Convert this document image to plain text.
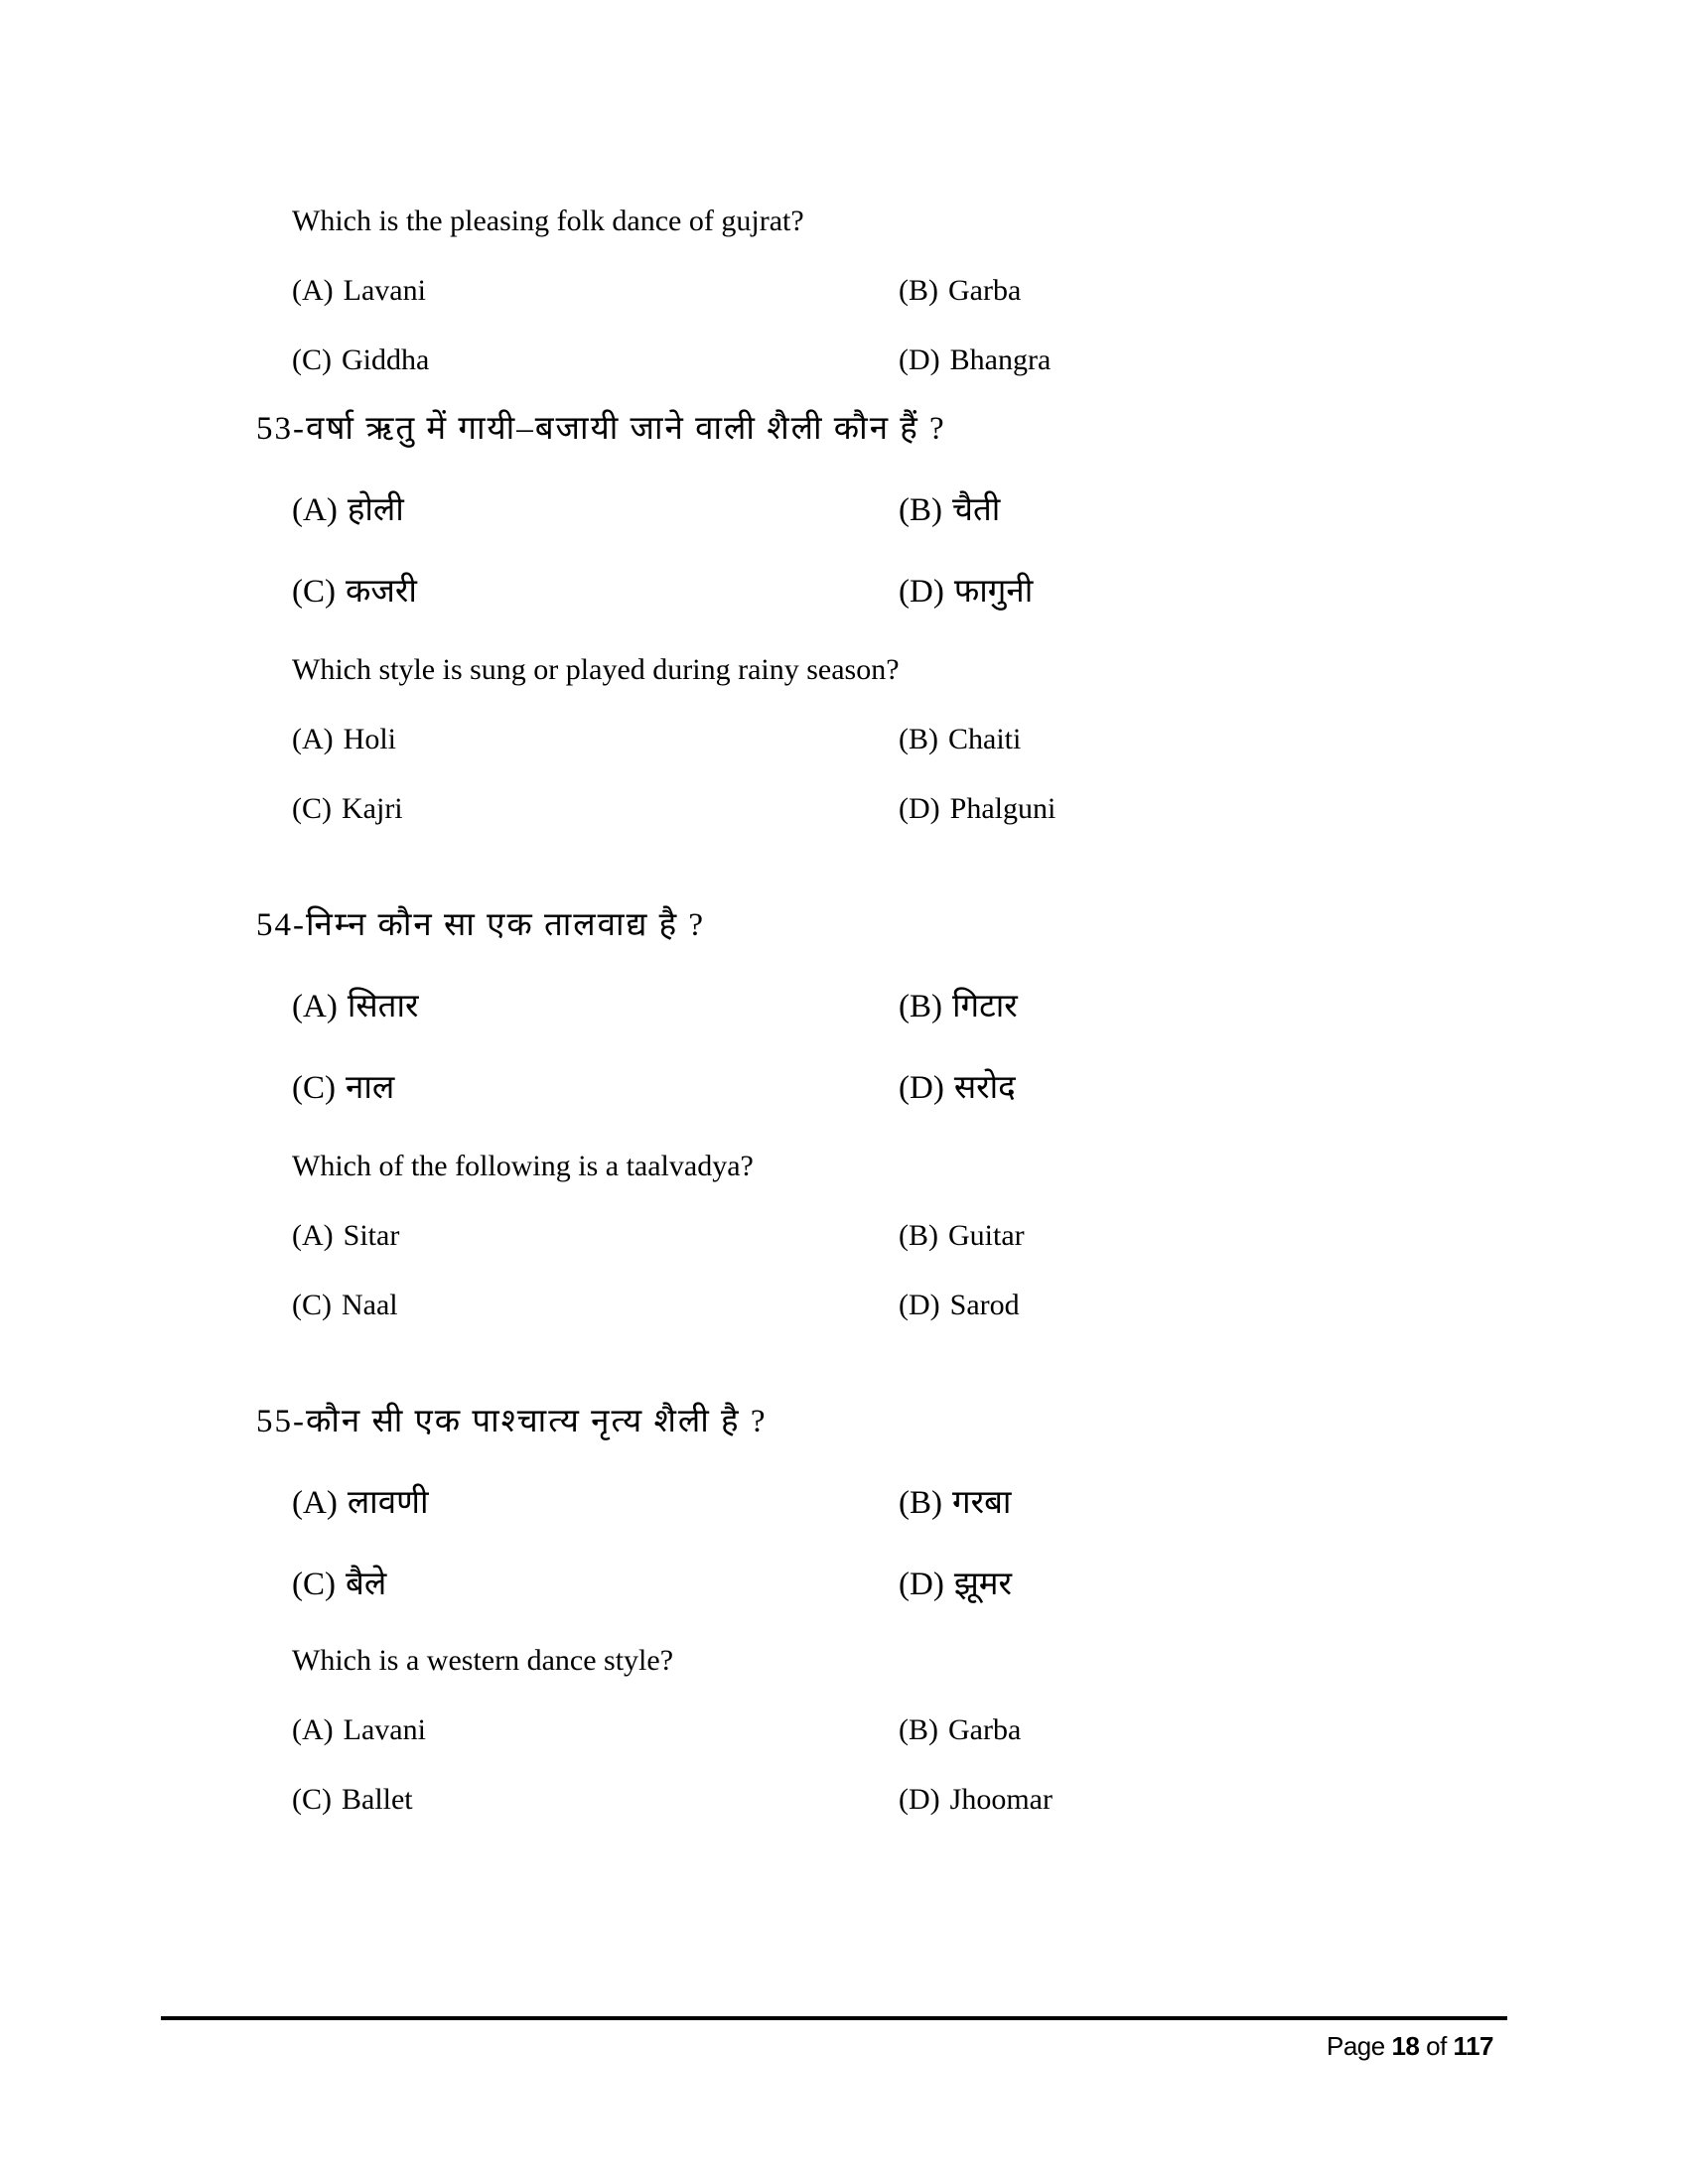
Which is the pleasing folk dance of gujrat?
(A) Lavani	(B) Garba
(C) Giddha	(D) Bhangra
53-वर्षा ऋतु में गायी–बजायी जाने वाली शैली कौन हैं ?
(A) होली	(B) चैती
(C) कजरी	(D) फागुनी
Which style is sung or played during rainy season?
(A) Holi	(B) Chaiti
(C) Kajri	(D) Phalguni
54-निम्न कौन सा एक तालवाद्य है ?
(A) सितार	(B) गिटार
(C) नाल	(D) सरोद
Which of the following is a taalvadya?
(A) Sitar	(B) Guitar
(C) Naal	(D) Sarod
55-कौन सी एक पाश्चात्य नृत्य शैली है ?
(A) लावणी	(B) गरबा
(C) बैले	(D) झूमर
Which is a western dance style?
(A) Lavani	(B) Garba
(C) Ballet	(D) Jhoomar
Page 18 of 117
